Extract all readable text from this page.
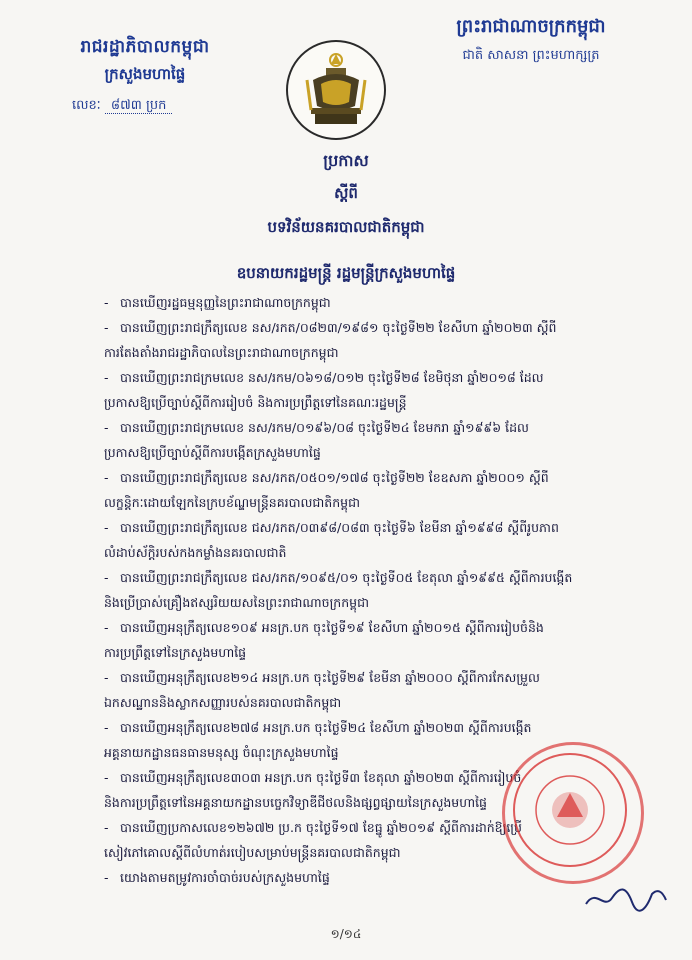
រាជរដ្ឋាភិបាលកម្ពុជា
ក្រសួងមហាផ្ទៃ
លេខៈ ៨៧៣ ប្រក
ព្រះរាជាណាចក្រកម្ពុជា
ជាតិ សាសនា ព្រះមហាក្សត្រ
ប្រកាស
ស្តីពី
បទវិន័យនគរបាលជាតិកម្ពុជា
ឧបនាយករដ្ឋមន្ត្រី រដ្ឋមន្ត្រីក្រសួងមហាផ្ទៃ
- បានឃើញរដ្ឋធម្មនុញ្ញនៃព្រះរាជាណាចក្រកម្ពុជា
- បានឃើញព្រះរាជក្រឹត្យលេខ នស/រកត/០៨២៣/១៩៨១ ចុះថ្ងៃទី២២ ខែសីហា ឆ្នាំ២០២៣ ស្តីពី
ការតែងតាំងរាជរដ្ឋាភិបាលនៃព្រះរាជាណាចក្រកម្ពុជា
- បានឃើញព្រះរាជក្រមលេខ នស/រកម/០៦១៨/០១២ ចុះថ្ងៃទី២៨ ខែមិថុនា ឆ្នាំ២០១៨ ដែល
ប្រកាសឱ្យប្រើច្បាប់ស្តីពីការរៀបចំ និងការប្រព្រឹត្តទៅនៃគណៈរដ្ឋមន្ត្រី
- បានឃើញព្រះរាជក្រមលេខ នស/រកម/០១៩៦/០៨ ចុះថ្ងៃទី២៤ ខែមករា ឆ្នាំ១៩៩៦ ដែល
ប្រកាសឱ្យប្រើច្បាប់ស្តីពីការបង្កើតក្រសួងមហាផ្ទៃ
- បានឃើញព្រះរាជក្រឹត្យលេខ នស/រកត/០៥០១/១៧៨ ចុះថ្ងៃទី២២ ខែឧសភា ឆ្នាំ២០០១ ស្តីពី
លក្ខន្តិកៈដោយឡែកនៃក្របខ័ណ្ឌមន្ត្រីនគរបាលជាតិកម្ពុជា
- បានឃើញព្រះរាជក្រឹត្យលេខ ជស/រកត/០៣៩៨/០៨៣ ចុះថ្ងៃទី៦ ខែមីនា ឆ្នាំ១៩៩៨ ស្តីពីរូបភាព
លំដាប់ស័ក្តិរបស់កងកម្លាំងនគរបាលជាតិ
- បានឃើញព្រះរាជក្រឹត្យលេខ ជស/រកត/១០៩៥/០១ ចុះថ្ងៃទី០៥ ខែតុលា ឆ្នាំ១៩៩៥ ស្តីពីការបង្កើត
និងប្រើប្រាស់គ្រឿងឥស្សរិយយសនៃព្រះរាជាណាចក្រកម្ពុជា
- បានឃើញអនុក្រឹត្យលេខ១០៩ អនក្រ.បក ចុះថ្ងៃទី១៩ ខែសីហា ឆ្នាំ២០១៥ ស្តីពីការរៀបចំនិង
ការប្រព្រឹត្តទៅនៃក្រសួងមហាផ្ទៃ
- បានឃើញអនុក្រឹត្យលេខ២១៤ អនក្រ.បក ចុះថ្ងៃទី២៩ ខែមីនា ឆ្នាំ២០០០ ស្តីពីការកែសម្រួល
ឯកសណ្ឋាននិងស្លាកសញ្ញារបស់នគរបាលជាតិកម្ពុជា
- បានឃើញអនុក្រឹត្យលេខ២៧៨ អនក្រ.បក ចុះថ្ងៃទី២៤ ខែសីហា ឆ្នាំ២០២៣ ស្តីពីការបង្កើត
អគ្គនាយកដ្ឋានធនធានមនុស្ស ចំណុះក្រសួងមហាផ្ទៃ
- បានឃើញអនុក្រឹត្យលេខ៣០៣ អនក្រ.បក ចុះថ្ងៃទី៣ ខែតុលា ឆ្នាំ២០២៣ ស្តីពីការរៀបចំ
និងការប្រព្រឹត្តទៅនៃអគ្គនាយកដ្ឋានបច្ចេកវិទ្យាឌីជីថលនិងផ្សព្វផ្សាយនៃក្រសួងមហាផ្ទៃ
- បានឃើញប្រកាសលេខ១២៦៧២ ប្រ.ក ចុះថ្ងៃទី១៧ ខែធ្នូ ឆ្នាំ២០១៩ ស្តីពីការដាក់ឱ្យប្រើ
សៀវភៅគោលស្តីពីលំហាត់របៀបសម្រាប់មន្ត្រីនគរបាលជាតិកម្ពុជា
- យោងតាមតម្រូវការចាំបាច់របស់ក្រសួងមហាផ្ទៃ
១/១៤
